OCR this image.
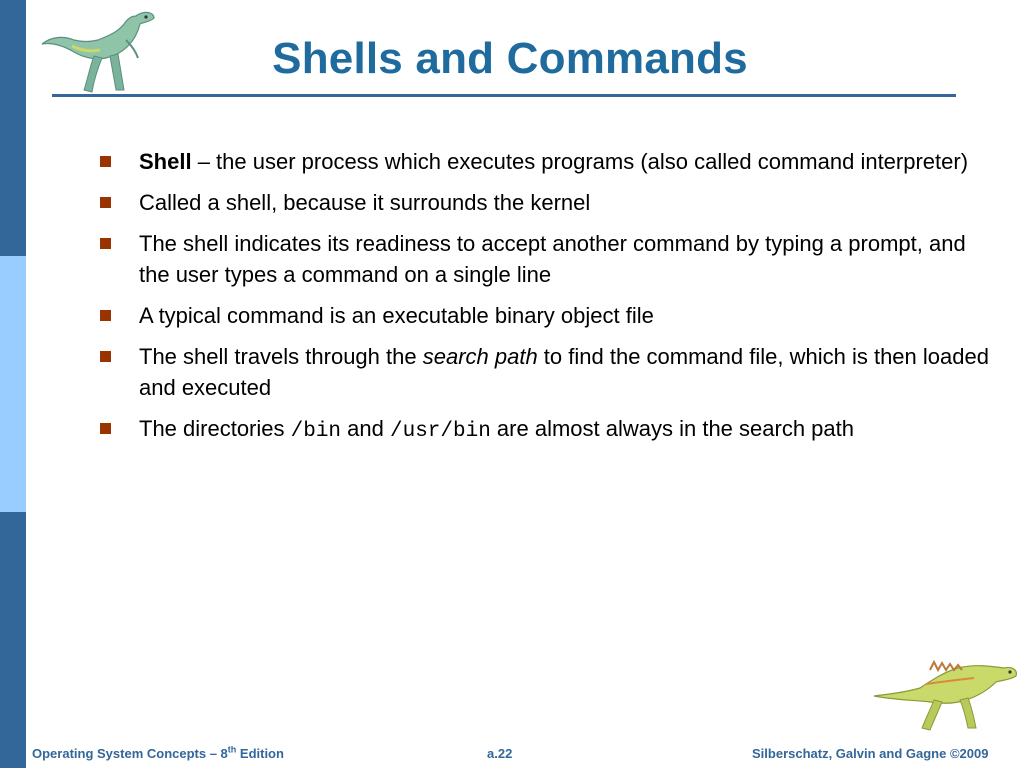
Shells and Commands
Shell – the user process which executes programs (also called command interpreter)
Called a shell, because it surrounds the kernel
The shell indicates its readiness to accept another command by typing a prompt, and the user types a command on a single line
A typical command is an executable binary object file
The shell travels through the search path to find the command file, which is then loaded and executed
The directories /bin and /usr/bin are almost always in the search path
Operating System Concepts – 8th Edition	a.22	Silberschatz, Galvin and Gagne ©2009
